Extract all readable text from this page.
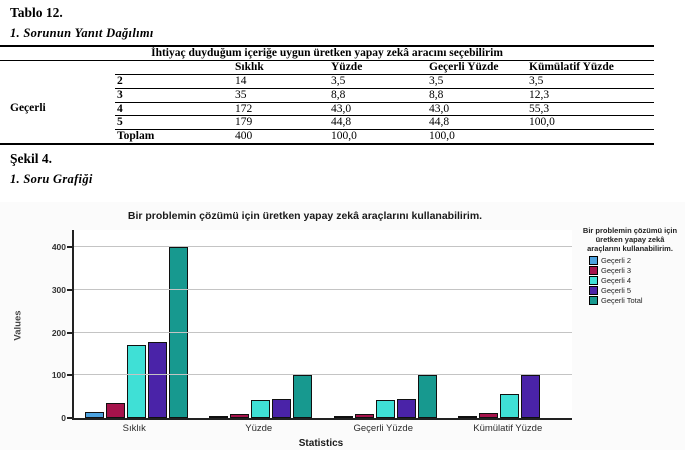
Tablo 12.
1. Sorunun Yanıt Dağılımı
İhtiyaç duyduğum içeriğe uygun üretken yapay zekâ aracını seçebilirim					
		Sıklık	Yüzde	Geçerli Yüzde	Kümülatif Yüzde
Geçerli	2	14	3,5	3,5	3,5
	3	35	8,8	8,8	12,3
	4	172	43,0	43,0	55,3
	5	179	44,8	44,8	100,0
	Toplam	400	100,0	100,0	
Şekil 4.
1. Soru Grafiği
Bir problemin çözümü için üretken yapay zekâ araçlarını kullanabilirim.
Values
Sıklık	Yüzde	Geçerli Yüzde	Kümülatif Yüzde
Statistics
Bir problemin çözümü için üretken yapay zekâ araçlarını kullanabilirim.
Geçerli 2
Geçerli 3
Geçerli 4
Geçerli 5
Geçerli Total
0
100
200
300
400
